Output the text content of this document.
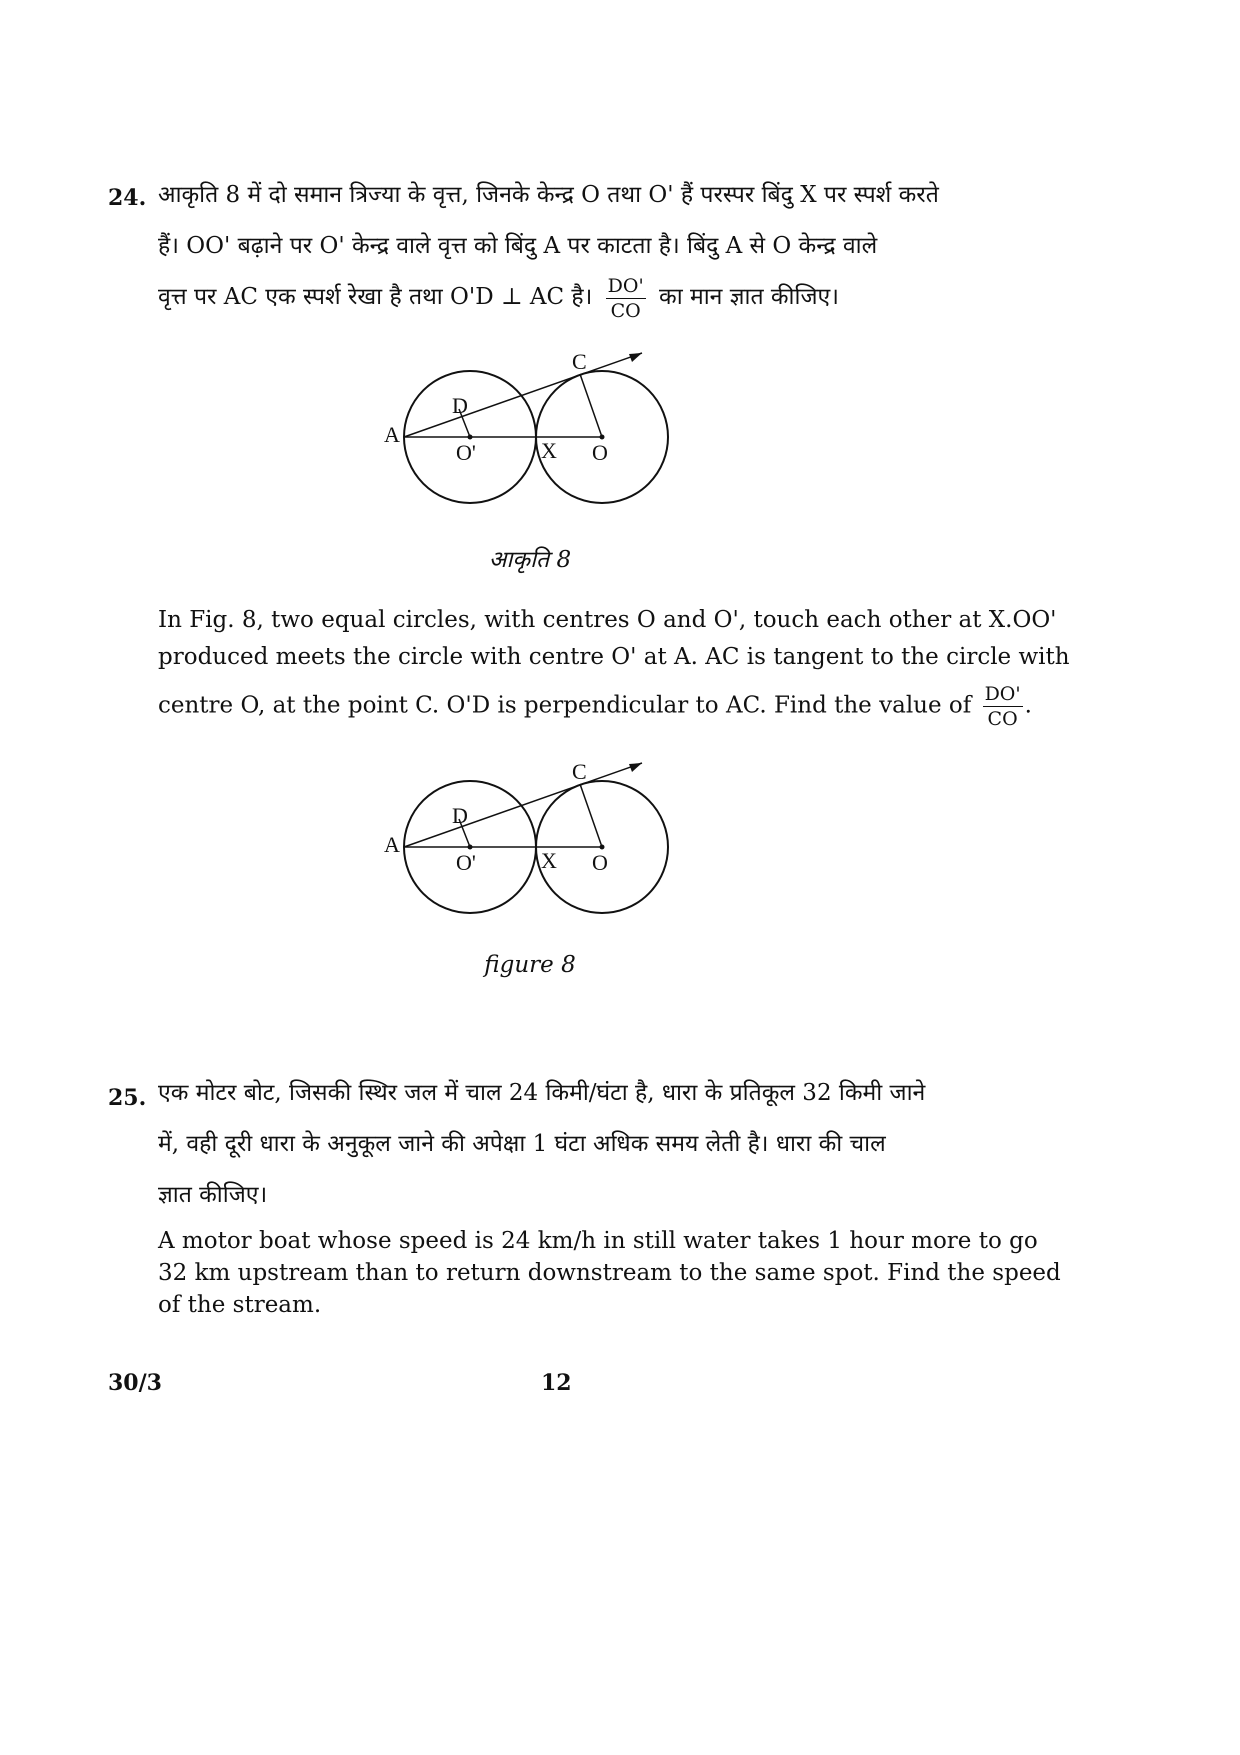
24. आकृति 8 में दो समान त्रिज्या के वृत्त, जिनके केन्द्र O तथा O' हैं परस्पर बिंदु X पर स्पर्श करते
हैं। OO' बढ़ाने पर O' केन्द्र वाले वृत्त को बिंदु A पर काटता है। बिंदु A से O केन्द्र वाले
वृत्त पर AC एक स्पर्श रेखा है तथा O'D ⊥ AC है। $\frac{DO'}{CO}$ का मान ज्ञात कीजिए।
A
C
D
O'	X O
आकृति 8
In Fig. 8, two equal circles, with centres O and O', touch each other at X.OO'
produced meets the circle with centre O' at A. AC is tangent to the circle with
centre O, at the point C. O'D is perpendicular to AC. Find the value of $\frac{DO'}{CO}$ .
A
C
D
O'	X O
figure 8
25. एक मोटर बोट, जिसकी स्थिर जल में चाल 24 किमी/घंटा है, धारा के प्रतिकूल 32 किमी जाने
में, वही दूरी धारा के अनुकूल जाने की अपेक्षा 1 घंटा अधिक समय लेती है। धारा की चाल
ज्ञात कीजिए।
A motor boat whose speed is 24 km/h in still water takes 1 hour more to go
32 km upstream than to return downstream to the same spot. Find the speed
of the stream.
30/3	12
